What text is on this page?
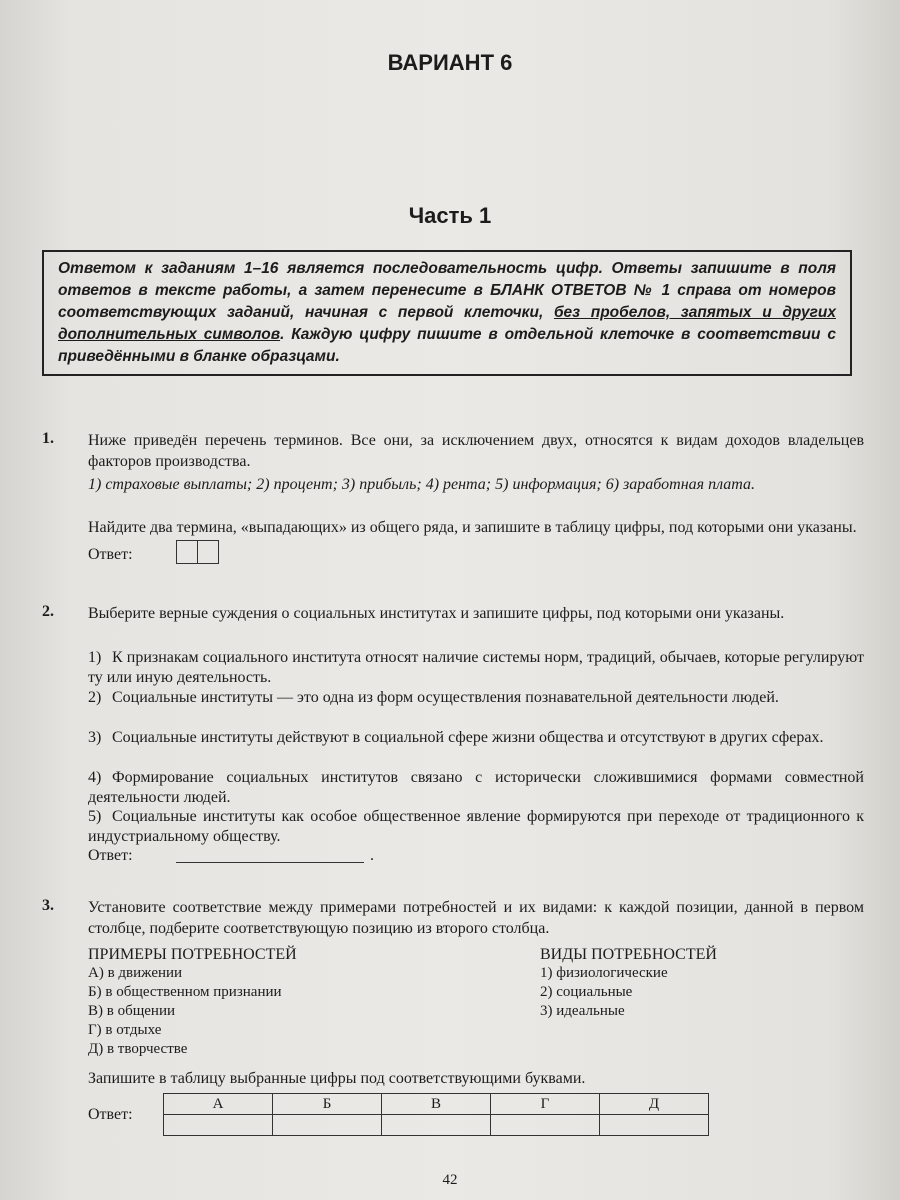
ВАРИАНТ 6
Часть 1
Ответом к заданиям 1–16 является последовательность цифр. Ответы запишите в поля ответов в тексте работы, а затем перенесите в БЛАНК ОТВЕТОВ № 1 справа от номеров соответствующих заданий, начиная с первой клеточки, без пробелов, запятых и других дополнительных символов. Каждую цифру пишите в отдельной клеточке в соответствии с приведёнными в бланке образцами.
1. Ниже приведён перечень терминов. Все они, за исключением двух, относятся к видам доходов владельцев факторов производства.
1) страховые выплаты; 2) процент; 3) прибыль; 4) рента; 5) информация; 6) заработная плата.
Найдите два термина, «выпадающих» из общего ряда, и запишите в таблицу цифры, под которыми они указаны.
Ответ:
2. Выберите верные суждения о социальных институтах и запишите цифры, под которыми они указаны.
1) К признакам социального института относят наличие системы норм, традиций, обычаев, которые регулируют ту или иную деятельность.
2) Социальные институты — это одна из форм осуществления познавательной деятельности людей.
3) Социальные институты действуют в социальной сфере жизни общества и отсутствуют в других сферах.
4) Формирование социальных институтов связано с исторически сложившимися формами совместной деятельности людей.
5) Социальные институты как особое общественное явление формируются при переходе от традиционного к индустриальному обществу.
Ответ:	.
3. Установите соответствие между примерами потребностей и их видами: к каждой позиции, данной в первом столбце, подберите соответствующую позицию из второго столбца.
ПРИМЕРЫ ПОТРЕБНОСТЕЙ	ВИДЫ ПОТРЕБНОСТЕЙ
А) в движении
Б) в общественном признании
В) в общении
Г) в отдыхе
Д) в творчестве
1) физиологические
2) социальные
3) идеальные
Запишите в таблицу выбранные цифры под соответствующими буквами.
Ответ:
А	Б	В	Г	Д

42
